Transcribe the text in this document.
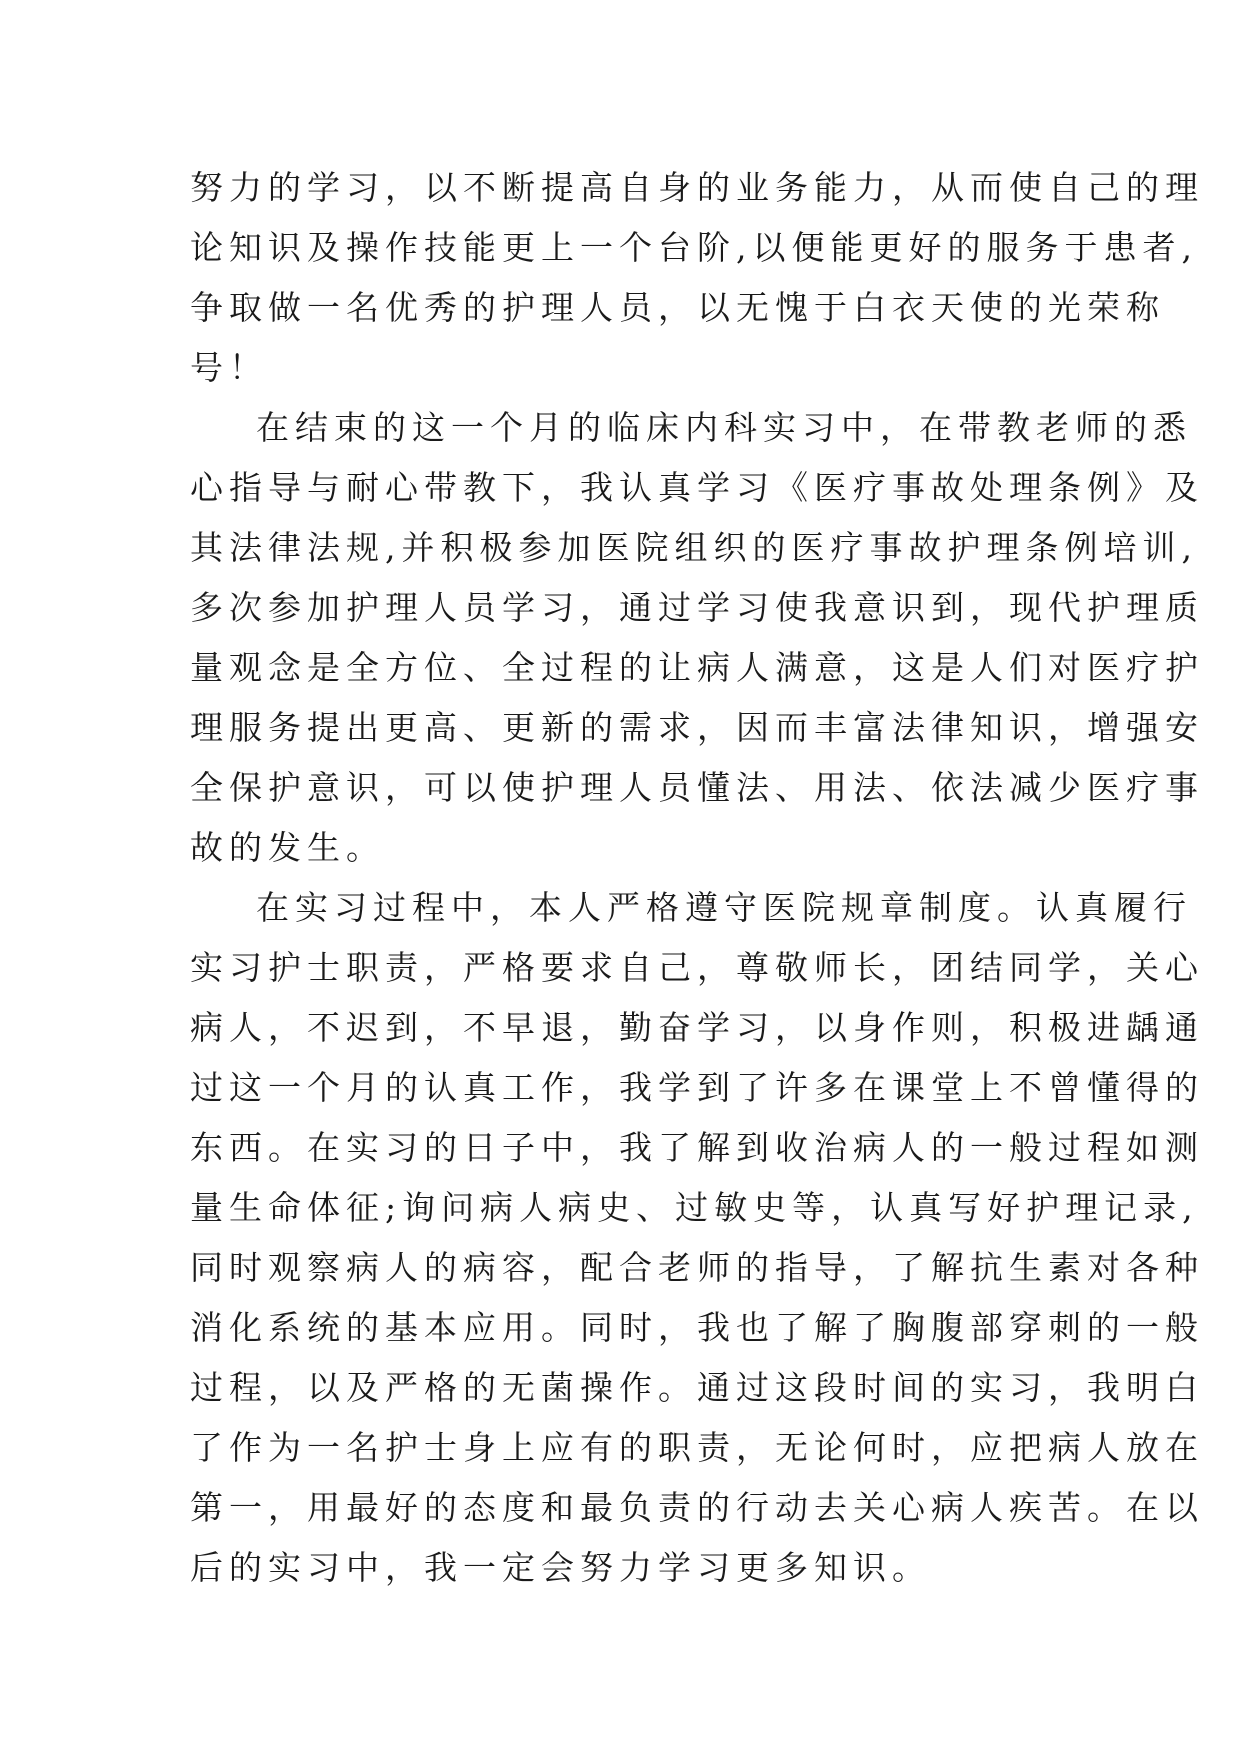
努力的学习，以不断提高自身的业务能力，从而使自己的理
论知识及操作技能更上一个台阶,以便能更好的服务于患者,
争取做一名优秀的护理人员，以无愧于白衣天使的光荣称
号！
在结束的这一个月的临床内科实习中，在带教老师的悉
心指导与耐心带教下，我认真学习《医疗事故处理条例》及
其法律法规,并积极参加医院组织的医疗事故护理条例培训,
多次参加护理人员学习，通过学习使我意识到，现代护理质
量观念是全方位、全过程的让病人满意，这是人们对医疗护
理服务提出更高、更新的需求，因而丰富法律知识，增强安
全保护意识，可以使护理人员懂法、用法、依法减少医疗事
故的发生。
在实习过程中，本人严格遵守医院规章制度。认真履行
实习护士职责，严格要求自己，尊敬师长，团结同学，关心
病人，不迟到，不早退，勤奋学习，以身作则，积极进龋通
过这一个月的认真工作，我学到了许多在课堂上不曾懂得的
东西。在实习的日子中，我了解到收治病人的一般过程如测
量生命体征;询问病人病史、过敏史等，认真写好护理记录,
同时观察病人的病容，配合老师的指导，了解抗生素对各种
消化系统的基本应用。同时，我也了解了胸腹部穿刺的一般
过程，以及严格的无菌操作。通过这段时间的实习，我明白
了作为一名护士身上应有的职责，无论何时，应把病人放在
第一，用最好的态度和最负责的行动去关心病人疾苦。在以
后的实习中，我一定会努力学习更多知识。
